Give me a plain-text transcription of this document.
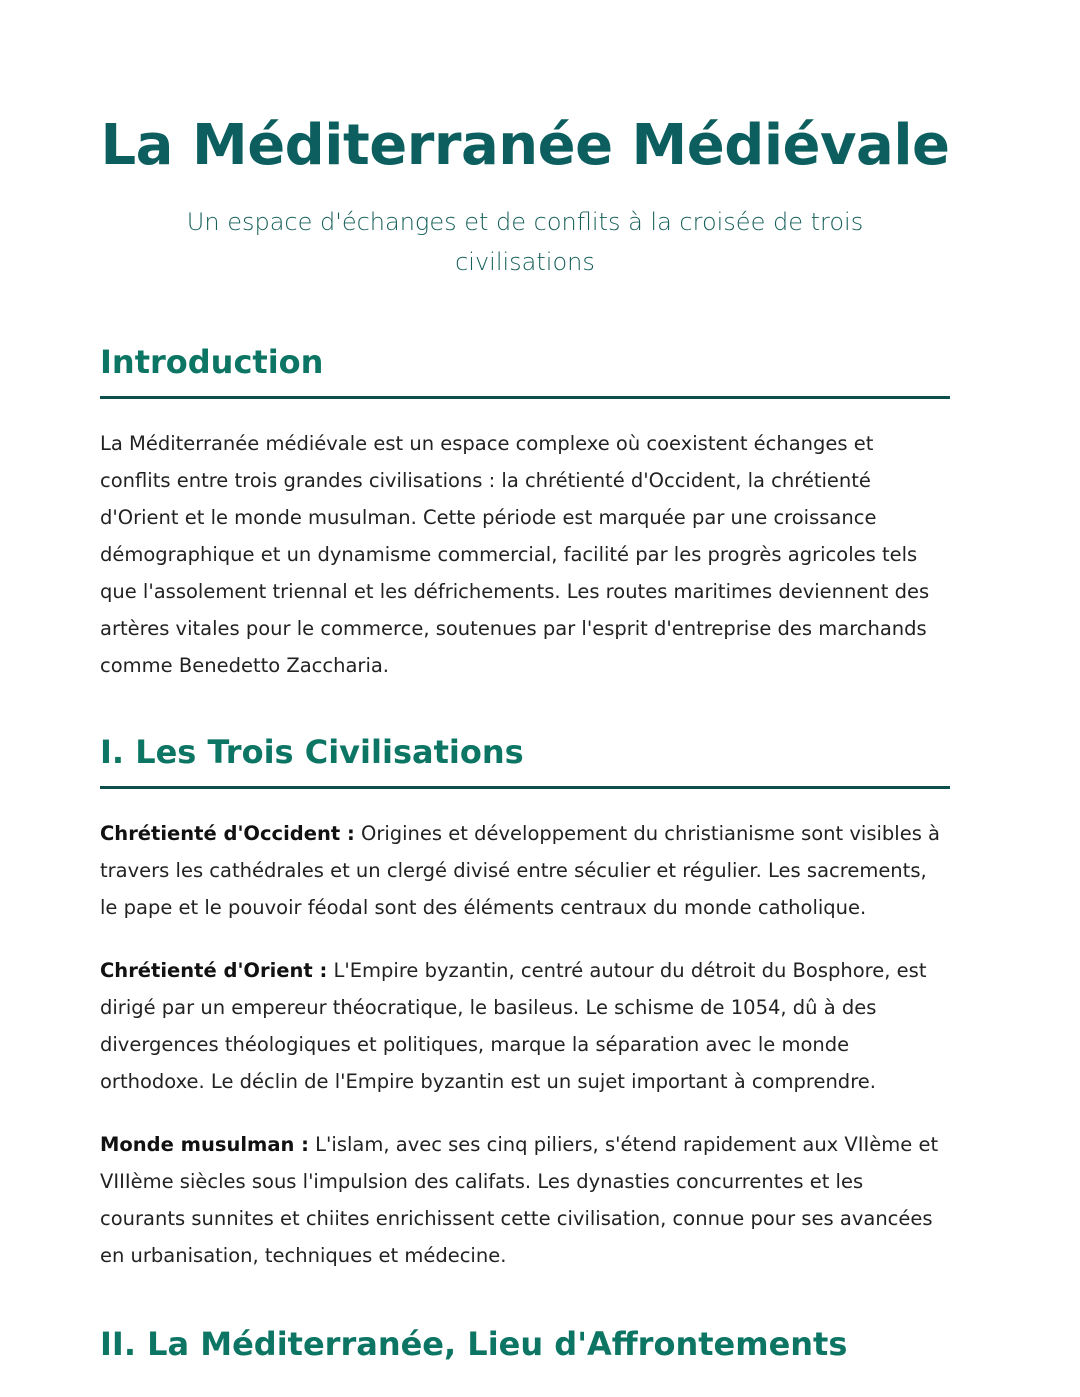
La Méditerranée Médiévale
Un espace d'échanges et de conflits à la croisée de trois civilisations
Introduction

La Méditerranée médiévale est un espace complexe où coexistent échanges et conflits entre trois grandes civilisations : la chrétienté d'Occident, la chrétienté d'Orient et le monde musulman. Cette période est marquée par une croissance démographique et un dynamisme commercial, facilité par les progrès agricoles tels que l'assolement triennal et les défrichements. Les routes maritimes deviennent des artères vitales pour le commerce, soutenues par l'esprit d'entreprise des marchands comme Benedetto Zaccharia.

I. Les Trois Civilisations

Chrétienté d'Occident : Origines et développement du christianisme sont visibles à travers les cathédrales et un clergé divisé entre séculier et régulier. Les sacrements, le pape et le pouvoir féodal sont des éléments centraux du monde catholique.

Chrétienté d'Orient : L'Empire byzantin, centré autour du détroit du Bosphore, est dirigé par un empereur théocratique, le basileus. Le schisme de 1054, dû à des divergences théologiques et politiques, marque la séparation avec le monde orthodoxe. Le déclin de l'Empire byzantin est un sujet important à comprendre.

Monde musulman : L'islam, avec ses cinq piliers, s'étend rapidement aux VIIème et VIIIème siècles sous l'impulsion des califats. Les dynasties concurrentes et les courants sunnites et chiites enrichissent cette civilisation, connue pour ses avancées en urbanisation, techniques et médecine.

II. La Méditerranée, Lieu d'Affrontements
